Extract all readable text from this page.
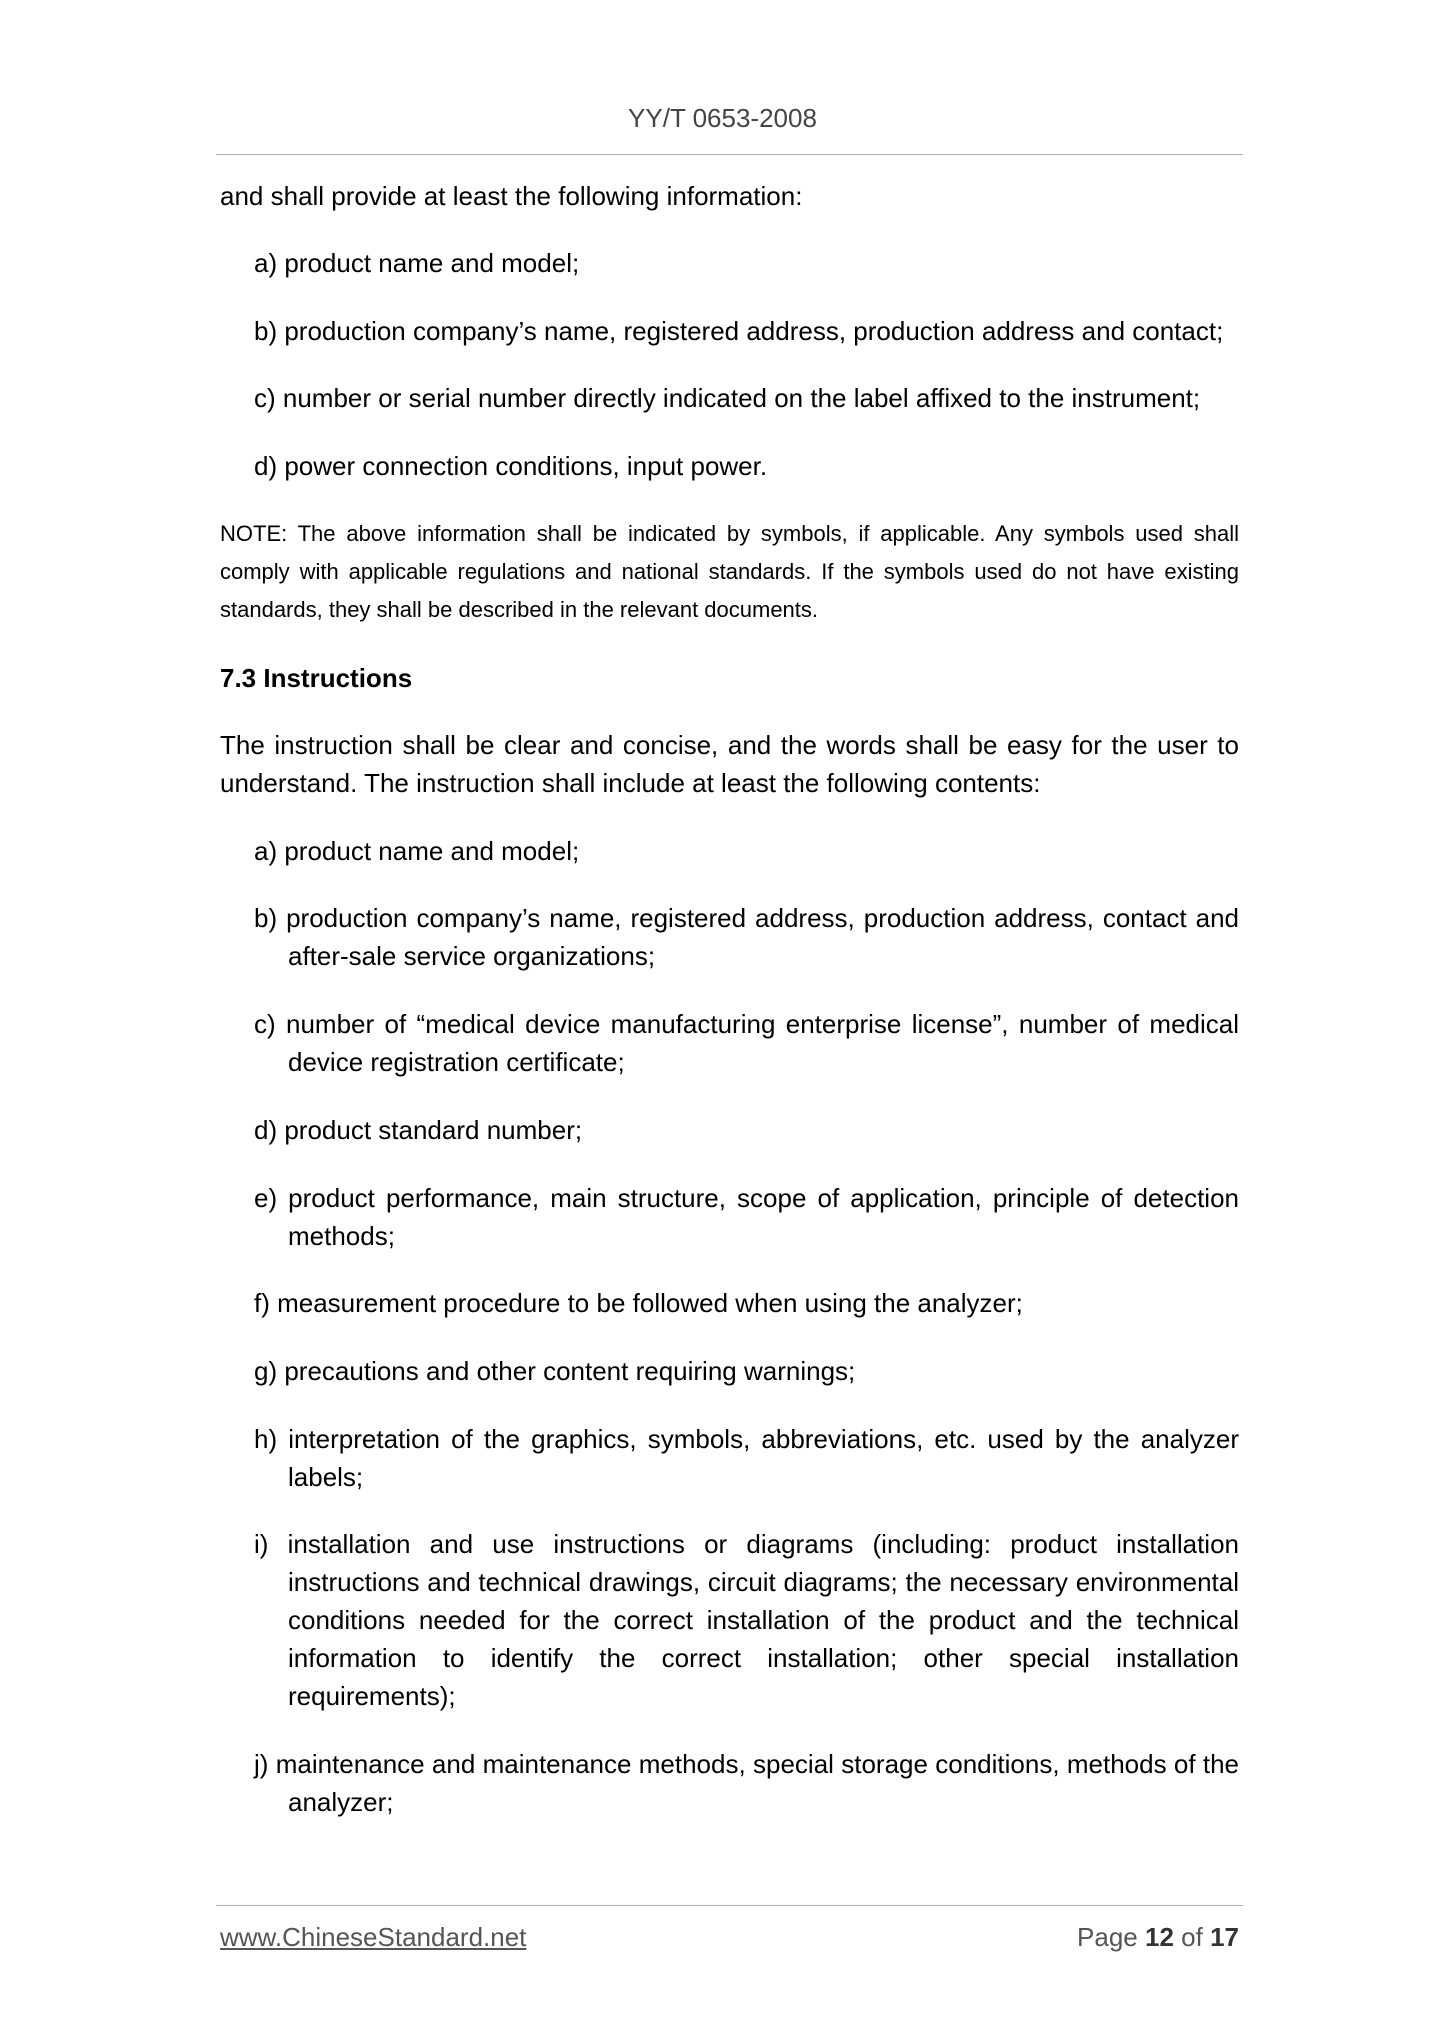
YY/T 0653-2008
and shall provide at least the following information:
a) product name and model;
b) production company’s name, registered address, production address and contact;
c) number or serial number directly indicated on the label affixed to the instrument;
d) power connection conditions, input power.
NOTE: The above information shall be indicated by symbols, if applicable. Any symbols used shall comply with applicable regulations and national standards. If the symbols used do not have existing standards, they shall be described in the relevant documents.
7.3 Instructions
The instruction shall be clear and concise, and the words shall be easy for the user to understand. The instruction shall include at least the following contents:
a) product name and model;
b) production company’s name, registered address, production address, contact and after-sale service organizations;
c) number of “medical device manufacturing enterprise license”, number of medical device registration certificate;
d) product standard number;
e) product performance, main structure, scope of application, principle of detection methods;
f) measurement procedure to be followed when using the analyzer;
g) precautions and other content requiring warnings;
h) interpretation of the graphics, symbols, abbreviations, etc. used by the analyzer labels;
i) installation and use instructions or diagrams (including: product installation instructions and technical drawings, circuit diagrams; the necessary environmental conditions needed for the correct installation of the product and the technical information to identify the correct installation; other special installation requirements);
j) maintenance and maintenance methods, special storage conditions, methods of the analyzer;
www.ChineseStandard.net	Page 12 of 17
